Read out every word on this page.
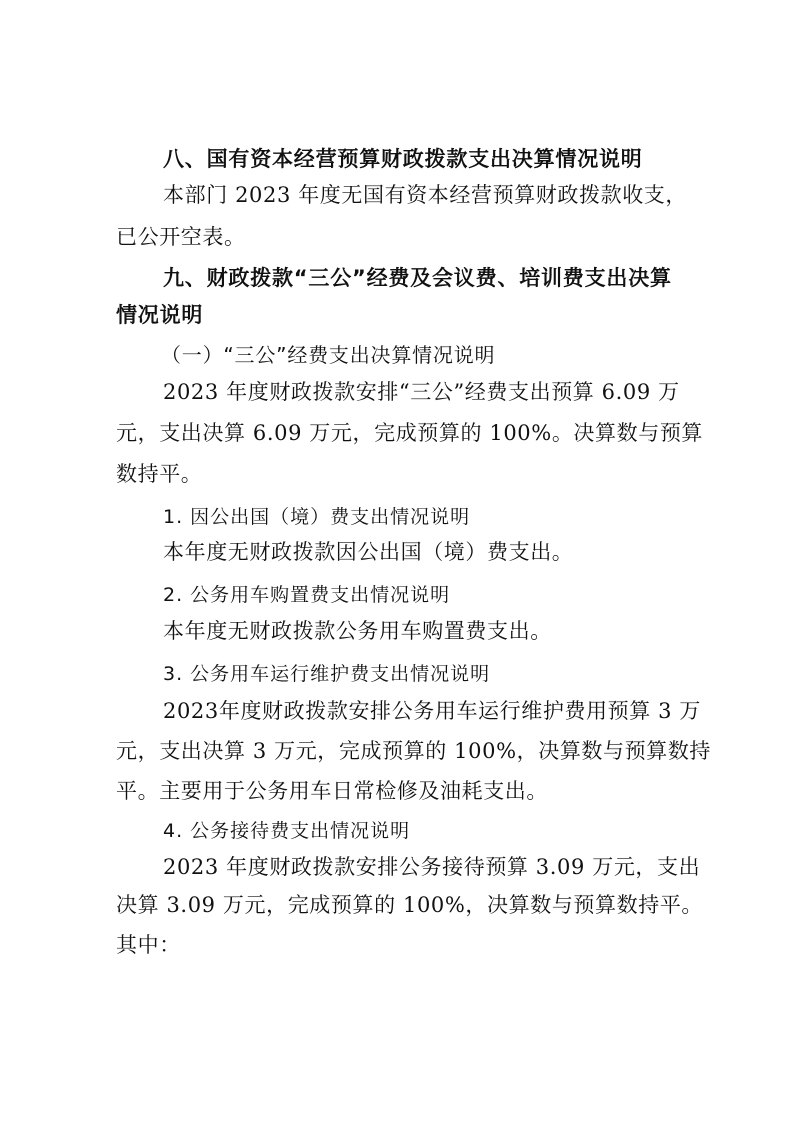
八、国有资本经营预算财政拨款支出决算情况说明
本部门 2023 年度无国有资本经营预算财政拨款收支，
已公开空表。
九、财政拨款“三公”经费及会议费、培训费支出决算
情况说明
（一）“三公”经费支出决算情况说明
2023 年度财政拨款安排“三公”经费支出预算 6.09 万
元，支出决算 6.09 万元，完成预算的 100%。决算数与预算
数持平。
1. 因公出国（境）费支出情况说明
本年度无财政拨款因公出国（境）费支出。
2. 公务用车购置费支出情况说明
本年度无财政拨款公务用车购置费支出。
3. 公务用车运行维护费支出情况说明
2023年度财政拨款安排公务用车运行维护费用预算 3 万
元，支出决算 3 万元，完成预算的 100%，决算数与预算数持
平。主要用于公务用车日常检修及油耗支出。
4. 公务接待费支出情况说明
2023 年度财政拨款安排公务接待预算 3.09 万元，支出
决算 3.09 万元，完成预算的 100%，决算数与预算数持平。
其中：
